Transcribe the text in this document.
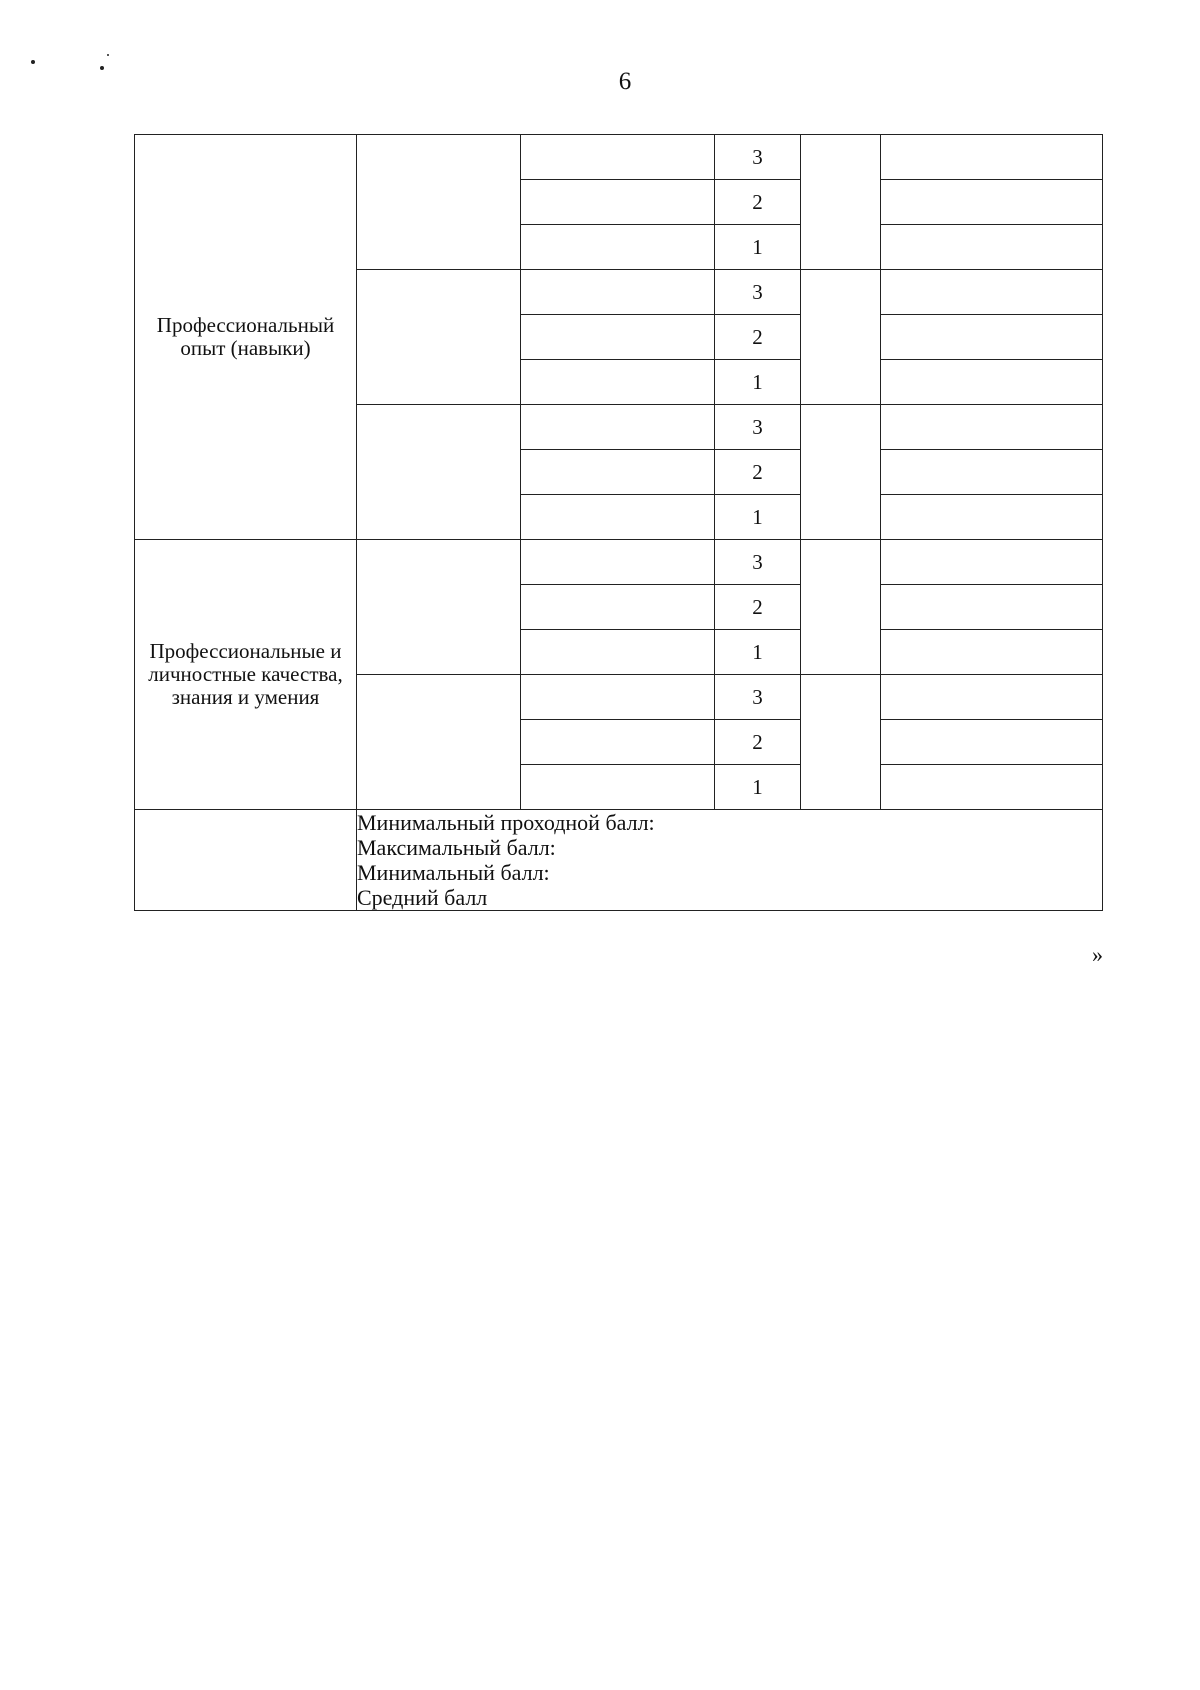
6
Профессиональный опыт (навыки)			3		
			2		
			1		
			3		
			2		
			1		
			3		
			2		
			1		
Профессиональные и личностные качества, знания и умения			3		
			2		
			1		
			3		
			2		
			1		

	Минимальный проходной балл:
Максимальный балл:
Минимальный балл:
Средний балл				
»
